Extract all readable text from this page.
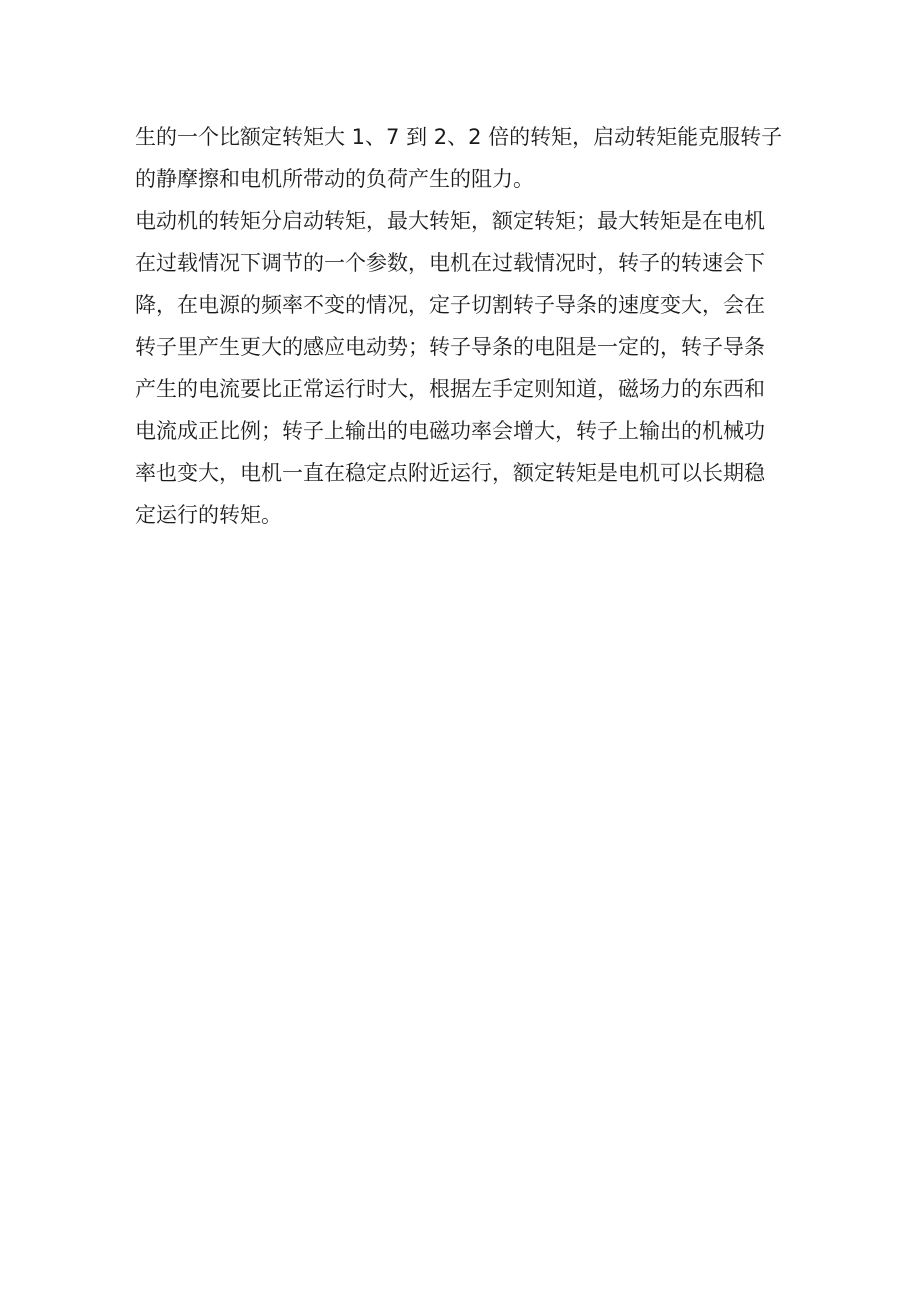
生的一个比额定转矩大 1、7 到 2、2 倍的转矩，启动转矩能克服转子
的静摩擦和电机所带动的负荷产生的阻力。
电动机的转矩分启动转矩，最大转矩，额定转矩；最大转矩是在电机
在过载情况下调节的一个参数，电机在过载情况时，转子的转速会下
降，在电源的频率不变的情况，定子切割转子导条的速度变大，会在
转子里产生更大的感应电动势；转子导条的电阻是一定的，转子导条
产生的电流要比正常运行时大，根据左手定则知道，磁场力的东西和
电流成正比例；转子上输出的电磁功率会增大，转子上输出的机械功
率也变大，电机一直在稳定点附近运行，额定转矩是电机可以长期稳
定运行的转矩。
